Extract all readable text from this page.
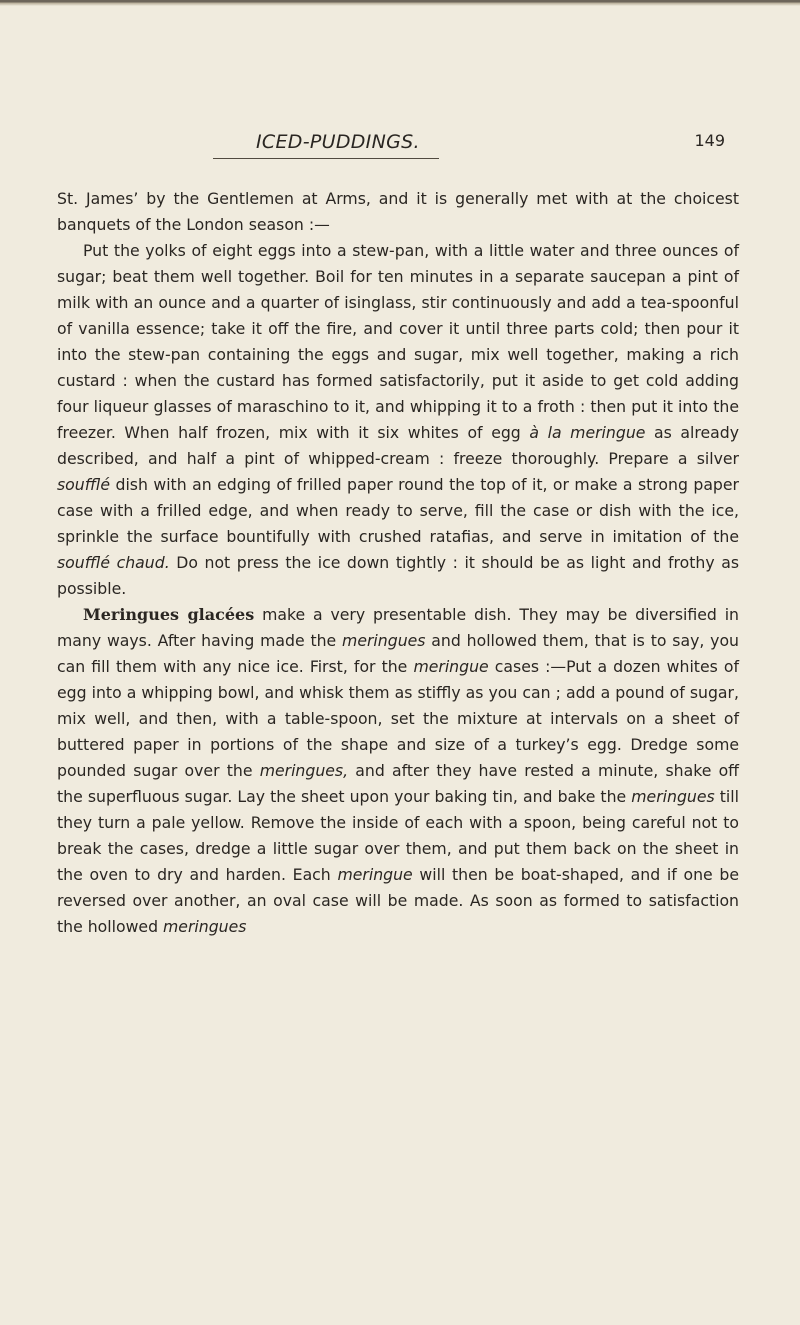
ICED-PUDDINGS.	149

St. James’ by the Gentlemen at Arms, and it is generally met with at the choicest banquets of the London season :—

Put the yolks of eight eggs into a stew-pan, with a little water and three ounces of sugar; beat them well together. Boil for ten minutes in a separate saucepan a pint of milk with an ounce and a quarter of isinglass, stir continuously and add a tea-spoonful of vanilla essence; take it off the fire, and cover it until three parts cold; then pour it into the stew-pan containing the eggs and sugar, mix well together, making a rich custard : when the custard has formed satisfactorily, put it aside to get cold adding four liqueur glasses of maraschino to it, and whipping it to a froth : then put it into the freezer. When half frozen, mix with it six whites of egg à la meringue as already described, and half a pint of whipped-cream : freeze thoroughly. Prepare a silver soufflé dish with an edging of frilled paper round the top of it, or make a strong paper case with a frilled edge, and when ready to serve, fill the case or dish with the ice, sprinkle the surface bountifully with crushed ratafias, and serve in imitation of the soufflé chaud. Do not press the ice down tightly : it should be as light and frothy as possible.

Meringues glacées make a very presentable dish. They may be diversified in many ways. After having made the meringues and hollowed them, that is to say, you can fill them with any nice ice. First, for the meringue cases :—Put a dozen whites of egg into a whipping bowl, and whisk them as stiffly as you can ; add a pound of sugar, mix well, and then, with a table-spoon, set the mixture at intervals on a sheet of buttered paper in portions of the shape and size of a turkey’s egg. Dredge some pounded sugar over the meringues, and after they have rested a minute, shake off the superfluous sugar. Lay the sheet upon your baking tin, and bake the meringues till they turn a pale yellow. Remove the inside of each with a spoon, being careful not to break the cases, dredge a little sugar over them, and put them back on the sheet in the oven to dry and harden. Each meringue will then be boat-shaped, and if one be reversed over another, an oval case will be made. As soon as formed to satisfaction the hollowed meringues
